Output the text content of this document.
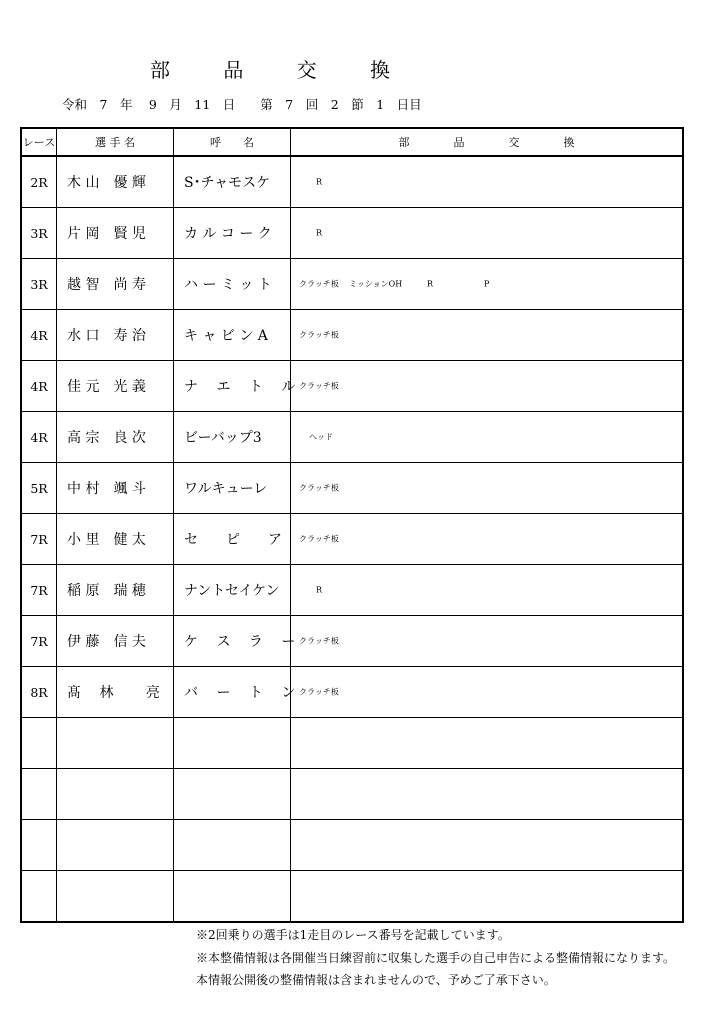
部	品	交	換
令和　7　年　 9　月　11　日　　第　7　回　2　節　1　日目
レース	選 手 名	呼　　名	部　　　　品　　　　交　　　　換
2R	木 山　優 輝	S･チャモスケ	R

3R	片 岡　賢 児	カ ル コ ー ク	R

3R	越 智　尚 寿	ハ ー ミ ッ ト	クラッチ板 ミッションOH R P

4R	水 口　寿 治	キ ャ ビ ン A	クラッチ板

4R	佳 元　光 義	ナ 　エ 　ト 　ル	クラッチ板

4R	高 宗　良 次	ビーバップ3	ヘッド

5R	中 村　颯 斗	ワルキューレ	クラッチ板

7R	小 里　健 太	セ　　ピ　　ア	クラッチ板

7R	稲 原　瑞 穂	ナントセイケン	R

7R	伊 藤　信 夫	ケ 　ス 　ラ 　ー	クラッチ板

8R	髙 　林　 　亮	バ 　ー 　ト 　ン	クラッチ板

※2回乗りの選手は1走目のレース番号を記載しています。
※本整備情報は各開催当日練習前に収集した選手の自己申告による整備情報になります。
本情報公開後の整備情報は含まれませんので、予めご了承下さい。
